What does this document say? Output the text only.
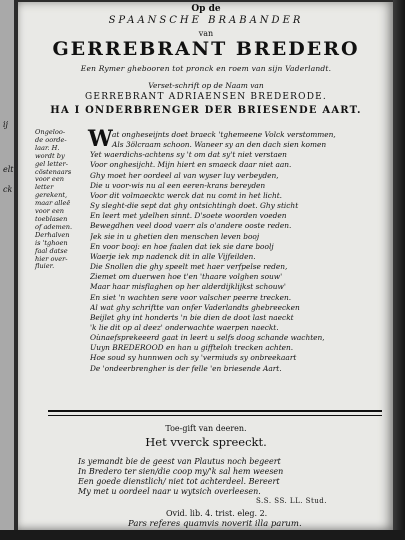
ij
elt
ck
Op de
SPAANSCHE BRABANDER
van
GERREBRANT BREDERO
Een Rymer ghebooren tot pronck en roem van sijn Vaderlandt.
Verset-schrift op de Naam van
GERREBRANT ADRIAENSEN BREDERODE.
HA I ONDERBRENGER DER BRIESENDE AART.
Ongeloo-
de oorde-
laar. H.
wordt by
gel letter-
cöstenaars
voor een
letter
gerekent,
maar alleē
voor een
toeblasen
of ademen.
Derhalven
is 'tghoen
faal datse
hier over-
fluier.
W at ongheseijnts doet braeck 'tghemeene Volck verstommen,
Als 3ölcraam schoon. Waneer sy an den dach sien komen
Yet waerdichs-achtens sy 't om dat sy't niet verstaen
Voor onghesijcht. Mijn hiert en smaeck daar niet aan.
Ghy moet her oordeel al van wyser luy verbeyden,
Die u voor-wis nu al een eeren-krans bereyden
Voor dit volmaecktc werck dat nu comt in het licht.
Sy sleght-die sept dat ghy ontsichtingh doet. Ghy sticht
En leert met ydelhen sinnt. D'soete woorden voeden
Bewegdhen veel dood vaerr als o'andere ooste reden.
Jek sie in u ghetien den menschen leven booj
En voor booj: en hoe faalen dat iek sie dare boolj
Waerje iek mp nadenck dit in alle Vijfeilden.
Die Snollen die ghy speelt met haer verfpelse reden,
Ziemet om duerwen hoe t'en 'thaare volghen souw'
Maar haar misflaghen op her alderdijklijkst schouw'
En siet 'n wachten sere voor valscher peerre trecken.
Al wat ghy schriftte van onfer Vaderlandts ghebreecken
Beijlet ghy int honderts 'n bie dien de doot last naeckt
'k lie dit op al deez' onderwachte waerpen naeckt.
Oùnaefsprekeeerd gaat in leert u selfs doog schande wachten,
Uuyn BREDEROOD en han u giffteloh trecken achten.
Hoe soud sy hunnwen och sy 'vermiuds sy onbreekaart
De 'ondeerbrengher is der felle 'en briesende Aart.
Toe-gift van deeren.
Het vverck spreeckt.
Is yemandt bie de geest van Plautus noch begeert
In Bredero ter sien/die coop my/'k sal hem weesen
Een goede dienstlich/ niet tot achterdeel. Bereert
My met u oordeel naar u wytsich overleesen.
S.S. SS. LL. Stud.
Ovid. lib. 4. trist. eleg. 2.
Pars referes quamvis noverit illa parum.
